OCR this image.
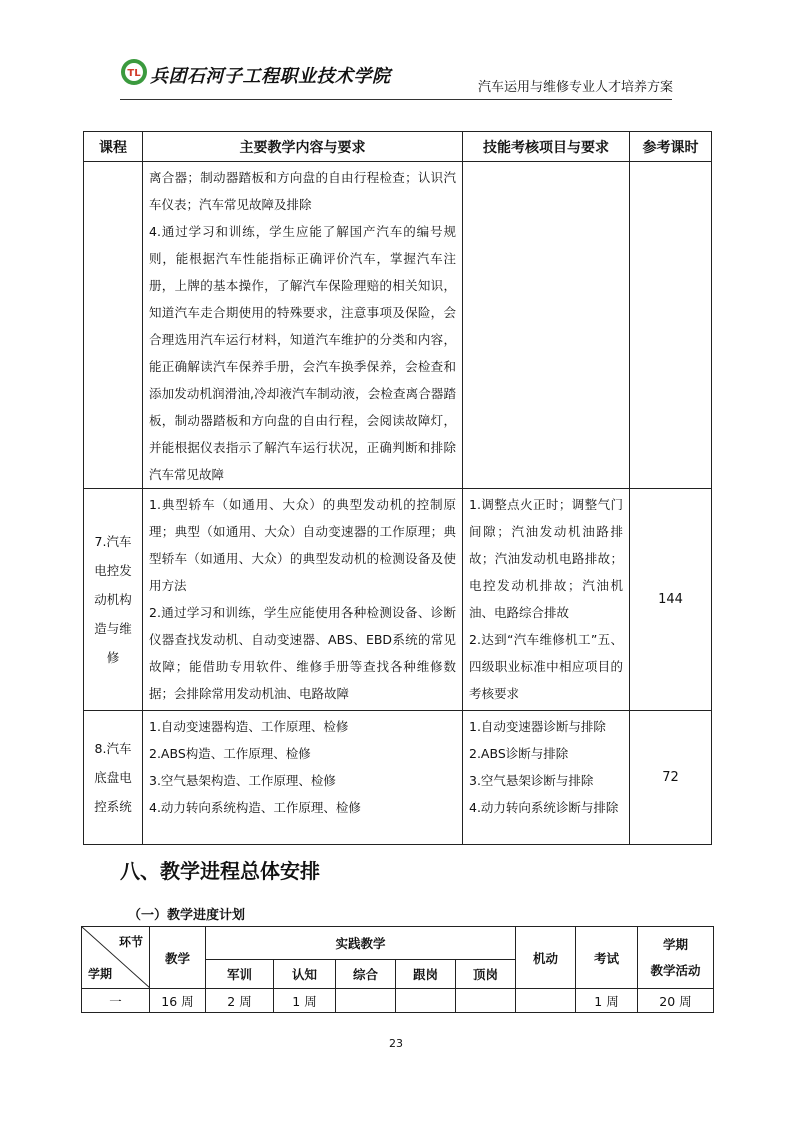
TL 兵团石河子工程职业技术学院
汽车运用与维修专业人才培养方案
课程	主要教学内容与要求	技能考核项目与要求	参考课时

	离合器；制动器踏板和方向盘的自由行程检查；认识汽车仪表；汽车常见故障及排除
4.通过学习和训练，学生应能了解国产汽车的编号规则，能根据汽车性能指标正确评价汽车，掌握汽车注册，上牌的基本操作，了解汽车保险理赔的相关知识，知道汽车走合期使用的特殊要求，注意事项及保险，会合理选用汽车运行材料，知道汽车维护的分类和内容，能正确解读汽车保养手册，会汽车换季保养，会检查和添加发动机润滑油,冷却液汽车制动液，会检查离合器踏板，制动器踏板和方向盘的自由行程，会阅读故障灯，并能根据仪表指示了解汽车运行状况，正确判断和排除汽车常见故障		

7.汽车电控发动机构造与维修	1.典型轿车（如通用、大众）的典型发动机的控制原理；典型（如通用、大众）自动变速器的工作原理；典型轿车（如通用、大众）的典型发动机的检测设备及使用方法
2.通过学习和训练，学生应能使用各种检测设备、诊断仪器查找发动机、自动变速器、ABS、EBD系统的常见故障；能借助专用软件、维修手册等查找各种维修数据；会排除常用发动机油、电路故障	1.调整点火正时；调整气门间隙；汽油发动机油路排故；汽油发动机电路排故；电控发动机排故；汽油机油、电路综合排故
2.达到“汽车维修机工”五、四级职业标准中相应项目的考核要求	144

8.汽车底盘电控系统	1.自动变速器构造、工作原理、检修
2.ABS构造、工作原理、检修
3.空气悬架构造、工作原理、检修
4.动力转向系统构造、工作原理、检修	1.自动变速器诊断与排除
2.ABS诊断与排除
3.空气悬架诊断与排除
4.动力转向系统诊断与排除	72
八、教学进程总体安排
（一）教学进度计划
环节
学期	教学	实践教学					机动	考试	学期
教学活动
		军训	认知	综合	跟岗	顶岗			
一	16 周	2 周	1 周					1 周	20 周
23
